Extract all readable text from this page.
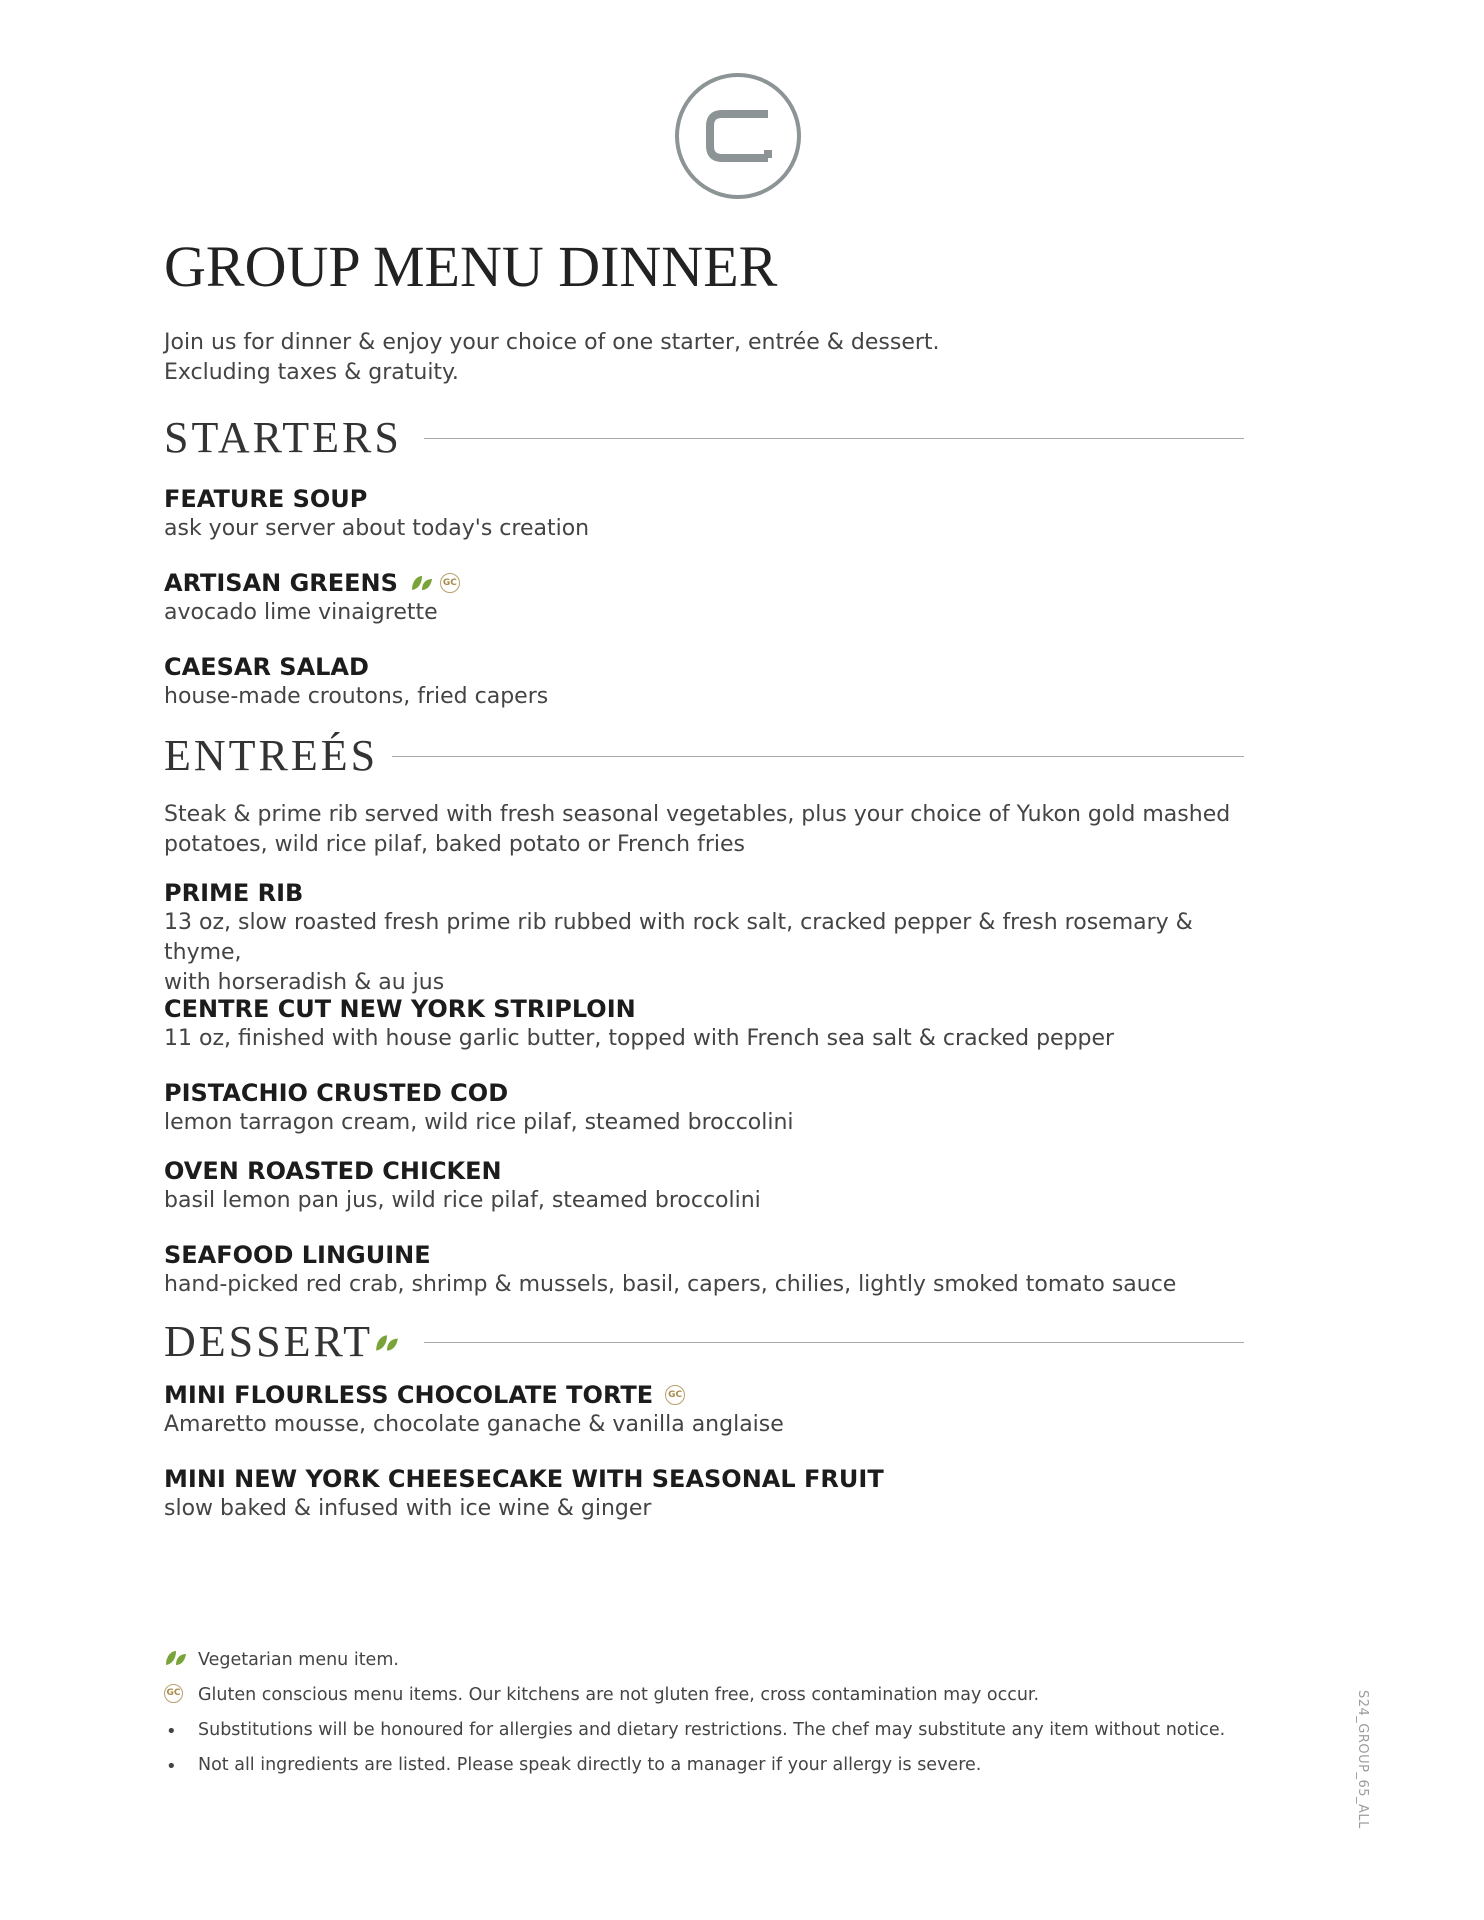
GROUP MENU DINNER
Join us for dinner & enjoy your choice of one starter, entrée & dessert.
Excluding taxes & gratuity.
STARTERS
FEATURE SOUP
ask your server about today's creation
ARTISAN GREENS	GC
avocado lime vinaigrette
CAESAR SALAD
house-made croutons, fried capers
ENTREÉS
Steak & prime rib served with fresh seasonal vegetables, plus your choice of Yukon gold mashed
potatoes, wild rice pilaf, baked potato or French fries
PRIME RIB
13 oz, slow roasted fresh prime rib rubbed with rock salt, cracked pepper & fresh rosemary & thyme,
with horseradish & au jus
CENTRE CUT NEW YORK STRIPLOIN
11 oz, finished with house garlic butter, topped with French sea salt & cracked pepper
PISTACHIO CRUSTED COD
lemon tarragon cream, wild rice pilaf, steamed broccolini
OVEN ROASTED CHICKEN
basil lemon pan jus, wild rice pilaf, steamed broccolini
SEAFOOD LINGUINE
hand-picked red crab, shrimp & mussels, basil, capers, chilies, lightly smoked tomato sauce
DESSERT
MINI FLOURLESS CHOCOLATE TORTE	GC
Amaretto mousse, chocolate ganache & vanilla anglaise
MINI NEW YORK CHEESECAKE WITH SEASONAL FRUIT
slow baked & infused with ice wine & ginger
Vegetarian menu item.
GC Gluten conscious menu items. Our kitchens are not gluten free, cross contamination may occur.
• Substitutions will be honoured for allergies and dietary restrictions. The chef may substitute any item without notice.
• Not all ingredients are listed. Please speak directly to a manager if your allergy is severe.	S24_GROUP_65_ALL
